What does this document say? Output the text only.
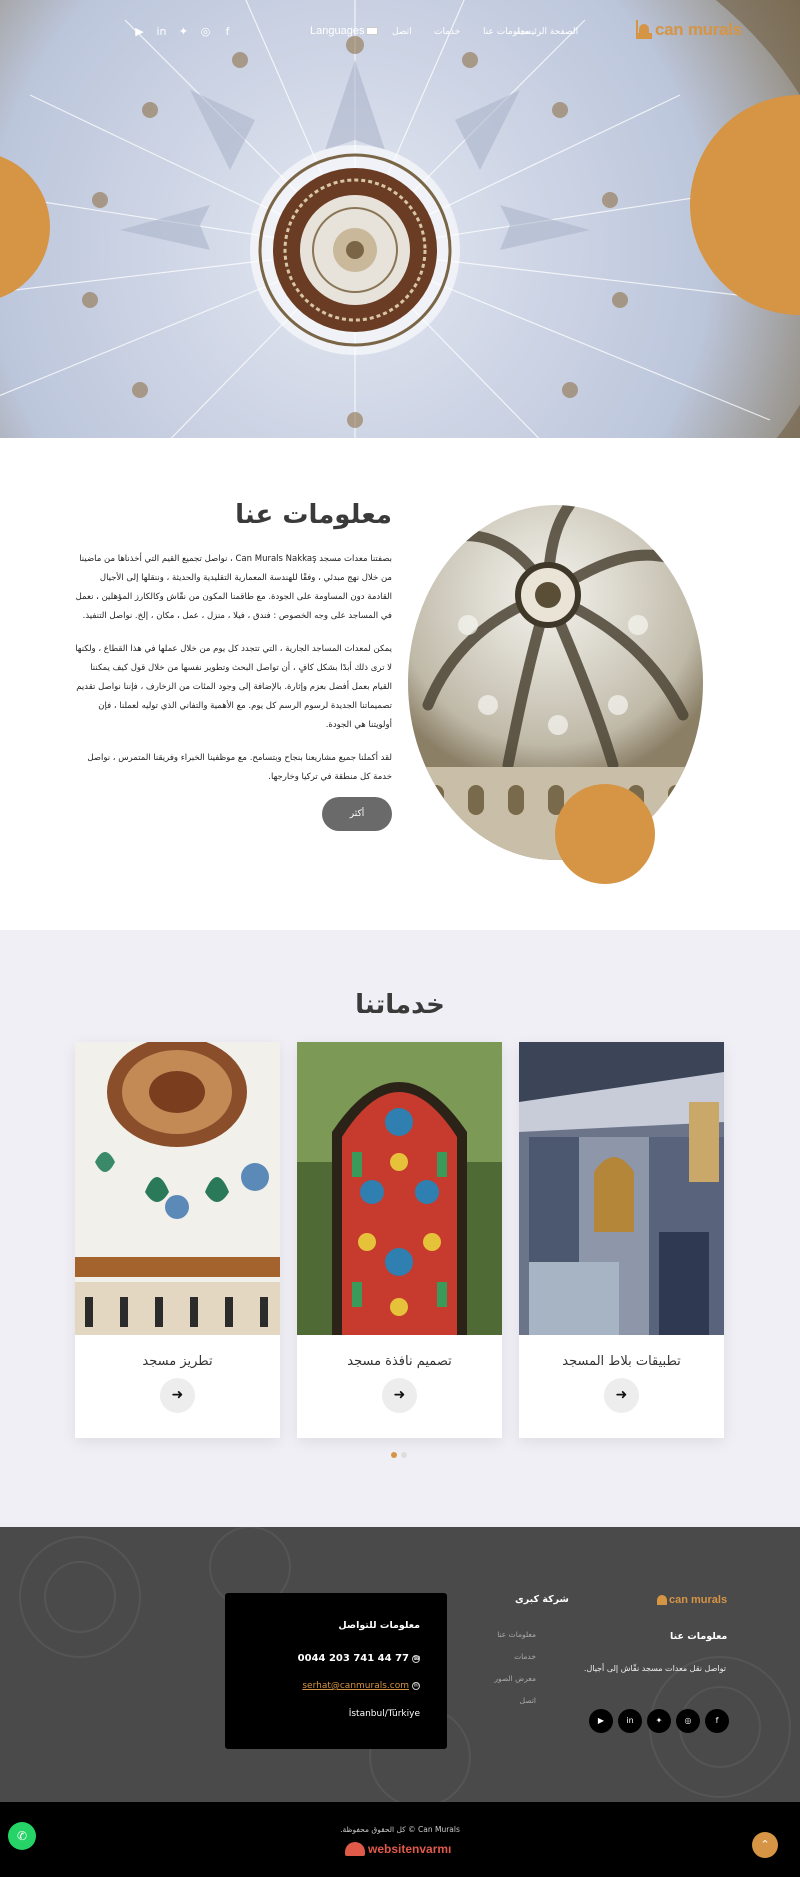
▶ in ✦ ◎	f	Languages	اتصل خدمات	معلومات عنا
الصفحة الرئيسية	can murals
معلومات عنا

بصفتنا معدات مسجد Can Murals Nakkaş ، نواصل تجميع القيم التي أخذناها من ماضينا من خلال نهج مبدئي ، وفقًا للهندسة المعمارية التقليدية والحديثة ، وننقلها إلى الأجيال القادمة دون المساومة على الجودة. مع طاقمنا المكون من نقّاش وكالكارز المؤهلين ، نعمل في المساجد على وجه الخصوص : فندق ، فيلا ، منزل ، عمل ، مكان ، إلخ. نواصل التنفيذ.

يمكن لمعدات المساجد الجارية ، التي تتجدد كل يوم من خلال عملها في هذا القطاع ، ولكنها لا ترى ذلك أبدًا بشكل كافٍ ، أن تواصل البحث وتطوير نفسها من خلال قول كيف يمكننا القيام بعمل أفضل بعزم وإثارة. بالإضافة إلى وجود المئات من الزخارف ، فإننا نواصل تقديم تصميماتنا الجديدة لرسوم الرسم كل يوم. مع الأهمية والتفاني الذي توليه لعملنا ، فإن أولويتنا هي الجودة.

لقد أكملنا جميع مشاريعنا بنجاح وبتسامح. مع موظفينا الخبراء وفريقنا المتمرس ، نواصل خدمة كل منطقة في تركيا وخارجها.

أكثر
خدماتنا
تطريز مسجد
➜
تصميم نافذة مسجد
➜
تطبيقات بلاط المسجد
➜
معلومات للتواصل
0044 203 741 44 77 ☎
serhat@canmurals.com ✉
İstanbul/Türkiye
شركة كبرى
معلومات عنا
خدمات
معرض الصور
اتصل
can murals
معلومات عنا
تواصل نقل معدات مسجد نقّاش إلى أجيال.
▶	in	✦	◎	f
Can Murals © كل الحقوق محفوظة.
websitenvarmı
✆
⌃
